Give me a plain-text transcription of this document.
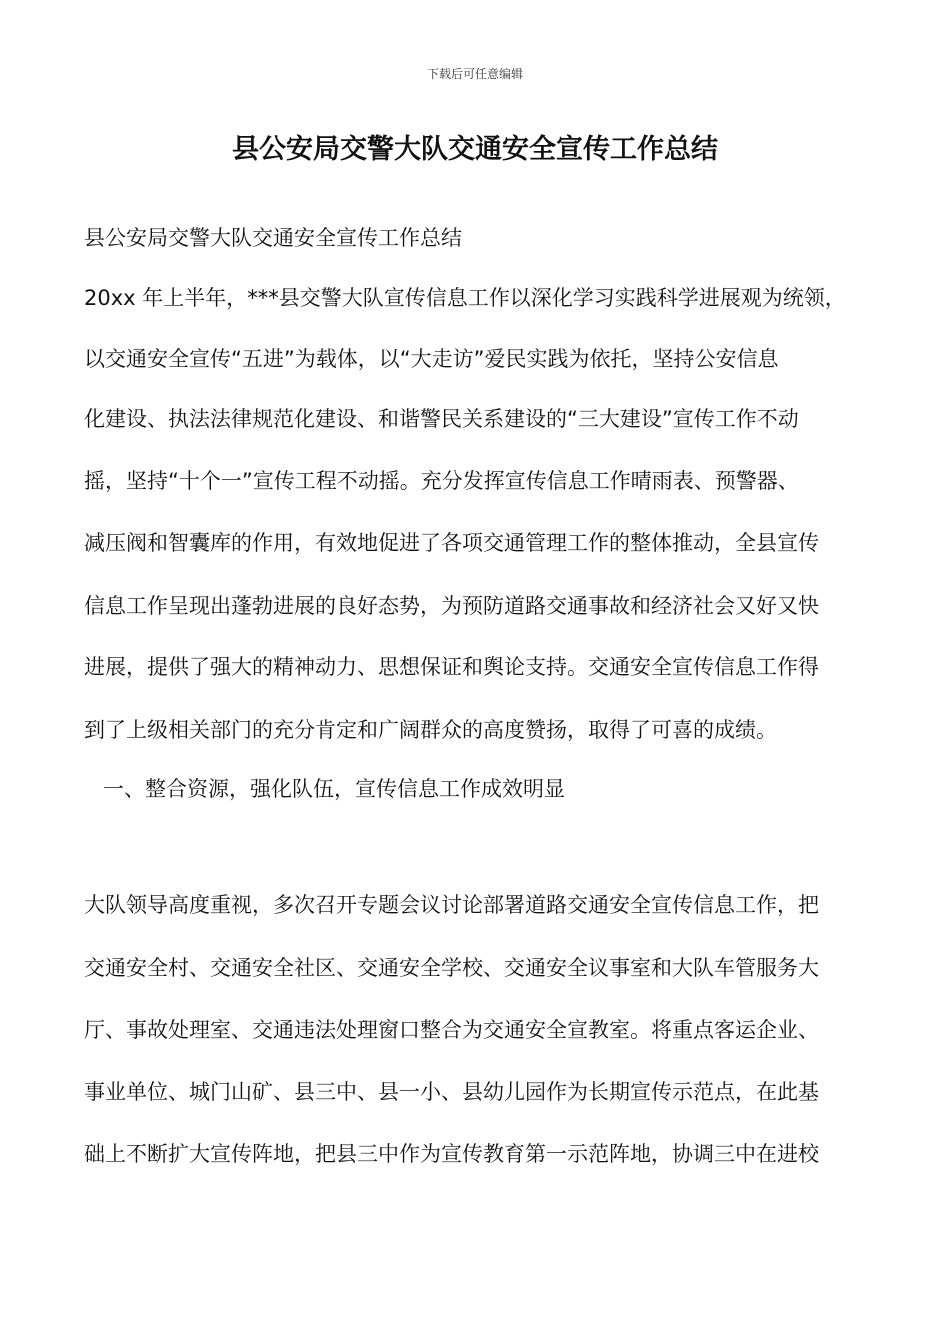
下载后可任意编辑
县公安局交警大队交通安全宣传工作总结
县公安局交警大队交通安全宣传工作总结
20xx 年上半年，***县交警大队宣传信息工作以深化学习实践科学进展观为统领，
以交通安全宣传“五进”为载体，以“大走访”爱民实践为依托，坚持公安信息
化建设、执法法律规范化建设、和谐警民关系建设的“三大建设”宣传工作不动
摇，坚持“十个一”宣传工程不动摇。充分发挥宣传信息工作晴雨表、预警器、
减压阀和智囊库的作用，有效地促进了各项交通管理工作的整体推动，全县宣传
信息工作呈现出蓬勃进展的良好态势，为预防道路交通事故和经济社会又好又快
进展，提供了强大的精神动力、思想保证和舆论支持。交通安全宣传信息工作得
到了上级相关部门的充分肯定和广阔群众的高度赞扬，取得了可喜的成绩。
一、整合资源，强化队伍，宣传信息工作成效明显
大队领导高度重视，多次召开专题会议讨论部署道路交通安全宣传信息工作，把
交通安全村、交通安全社区、交通安全学校、交通安全议事室和大队车管服务大
厅、事故处理室、交通违法处理窗口整合为交通安全宣教室。将重点客运企业、
事业单位、城门山矿、县三中、县一小、县幼儿园作为长期宣传示范点，在此基
础上不断扩大宣传阵地，把县三中作为宣传教育第一示范阵地，协调三中在进校
